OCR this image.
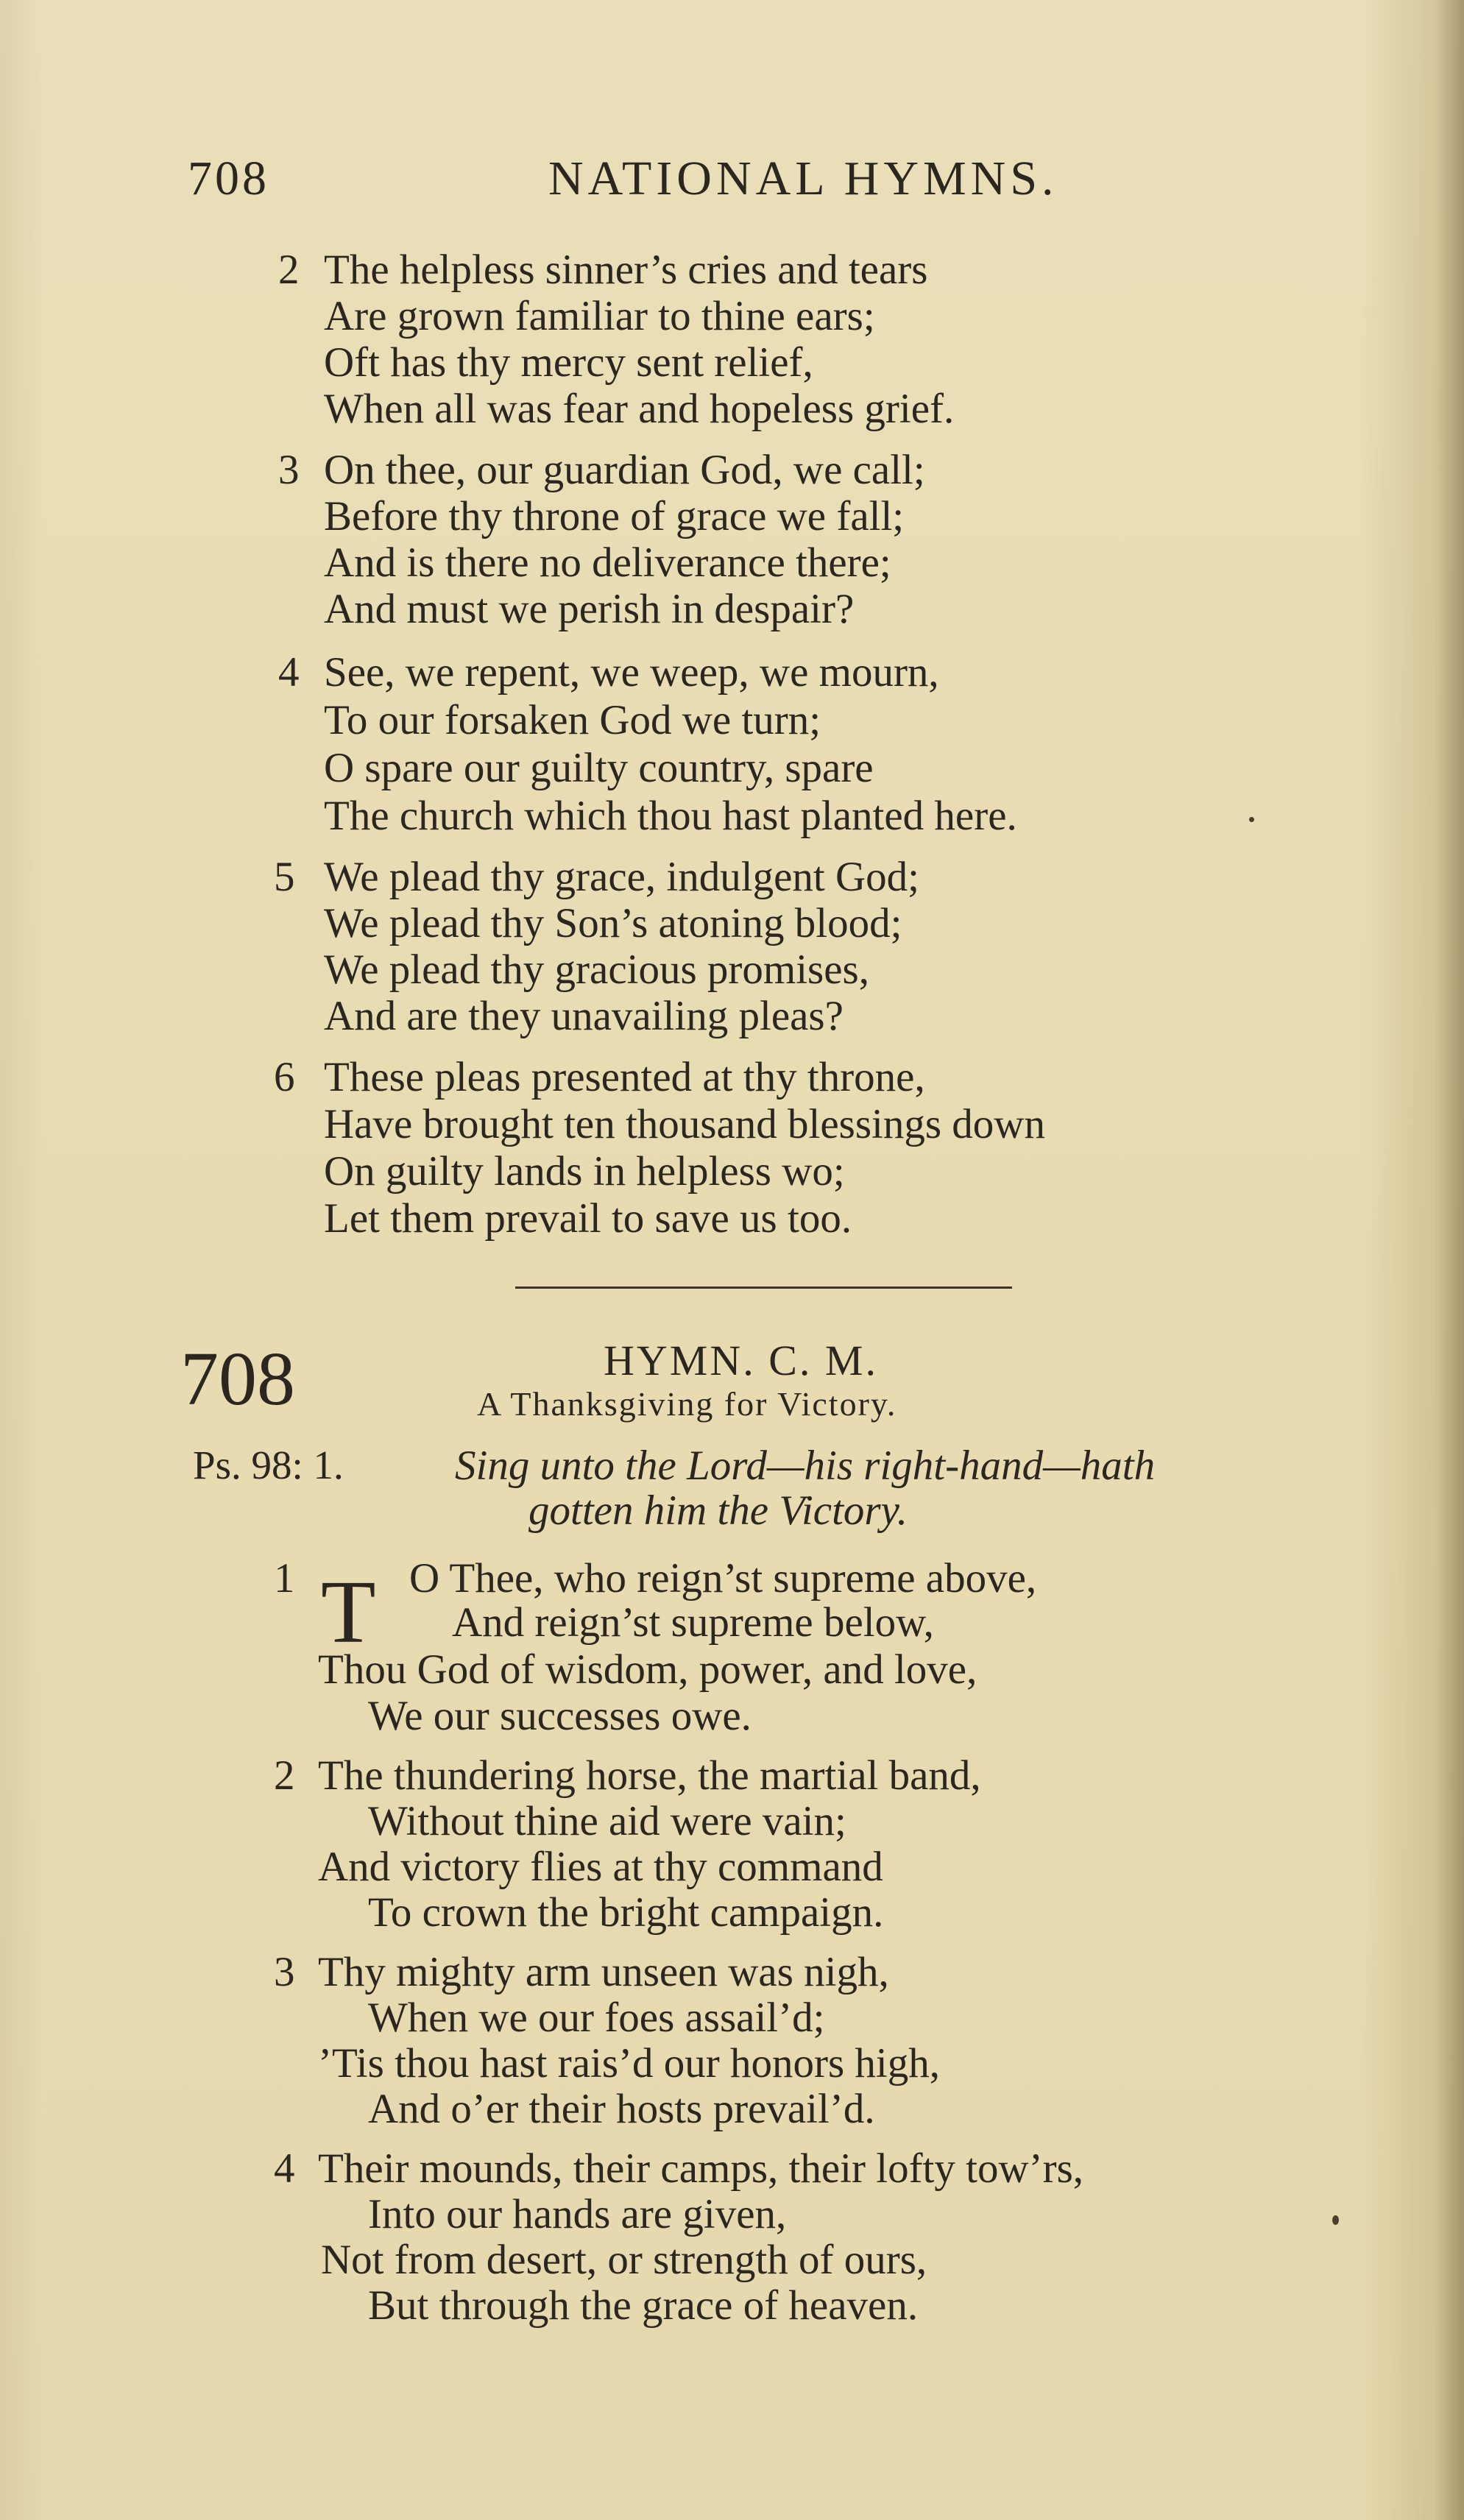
708	NATIONAL HYMNS.
2 The helpless sinner’s cries and tears
Are grown familiar to thine ears;
Oft has thy mercy sent relief,
When all was fear and hopeless grief.
3 On thee, our guardian God, we call;
Before thy throne of grace we fall;
And is there no deliverance there;
And must we perish in despair?
4 See, we repent, we weep, we mourn,
To our forsaken God we turn;
O spare our guilty country, spare
The church which thou hast planted here.
5 We plead thy grace, indulgent God;
We plead thy Son’s atoning blood;
We plead thy gracious promises,
And are they unavailing pleas?
6 These pleas presented at thy throne,
Have brought ten thousand blessings down
On guilty lands in helpless wo;
Let them prevail to save us too.
708	HYMN. C. M.
A Thanksgiving for Victory.
Ps. 98: 1.	Sing unto the Lord—his right-hand—hath
gotten him the Victory.
1 T O Thee, who reign’st supreme above,
And reign’st supreme below,
Thou God of wisdom, power, and love,
We our successes owe.
2 The thundering horse, the martial band,
Without thine aid were vain;
And victory flies at thy command
To crown the bright campaign.
3 Thy mighty arm unseen was nigh,
When we our foes assail’d;
’Tis thou hast rais’d our honors high,
And o’er their hosts prevail’d.
4 Their mounds, their camps, their lofty tow’rs,
Into our hands are given,
Not from desert, or strength of ours,
But through the grace of heaven.
